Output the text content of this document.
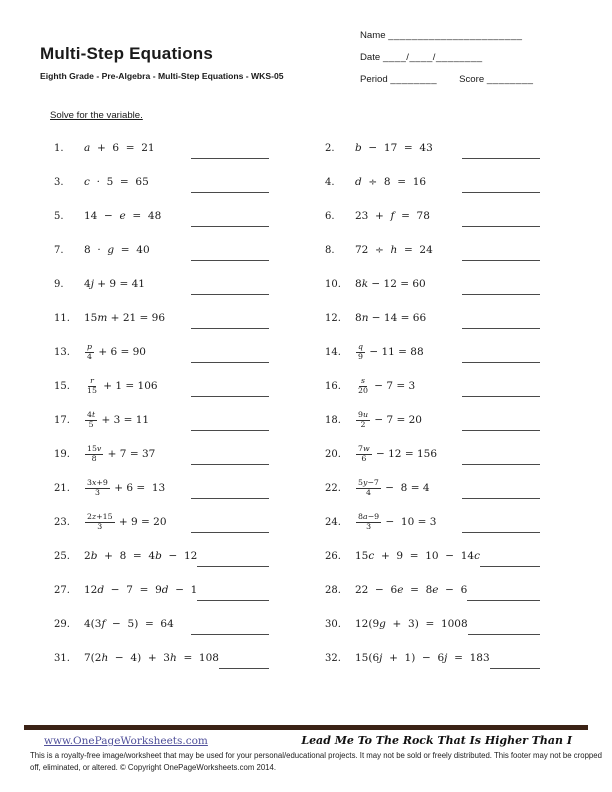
Multi-Step Equations
Eighth Grade - Pre-Algebra - Multi-Step Equations - WKS-05
Name _______________________
Date ____/____/________
Period ________ Score ________
Solve for the variable.
1.	a  +  6  =  21	2.	b  −  17  =  43
3.	c  ·  5  =  65	4.	d  ÷  8  =  16
5.	14  −  e  =  48	6.	23  +  f  =  78
7.	8  ·  g  =  40	8.	72  ÷  h  =  24
9.	4j + 9 = 41	10.	8k − 12 = 60
11.	15m + 21 = 96	12.	8n − 14 = 66
13.	$\frac{p}{4} + 6 = 90$	14.	$\frac{q}{9} - 11 = 88$
15.	$\frac{r}{15} + 1 = 106$	16.	$\frac{s}{20} - 7 = 3$
17.	$\frac{4t}{5} + 3 = 11$	18.	$\frac{9u}{2} - 7 = 20$
19.	$\frac{15v}{8} + 7 = 37$	20.	$\frac{7w}{6} - 12 = 156$
21.	$\frac{3x+9}{3} + 6 = 13$	22.	$\frac{5y-7}{4} - 8 = 4$
23.	$\frac{2z+15}{3} + 9 = 20$	24.	$\frac{8a-9}{3} - 10 = 3$
25.	2b  +  8  =  4b  −  12	26.	15c  +  9  =  10  −  14c
27.	12d  −  7  =  9d  −  1	28.	22  −  6e  =  8e  −  6
29.	4(3f  −  5)  =  64	30.	12(9g  +  3)  =  1008
31.	7(2h  −  4)  +  3h  =  108	32.	15(6j  +  1)  −  6j  =  183
www.OnePageWorksheets.com	Lead Me To The Rock That Is Higher Than I

This is a royalty-free image/worksheet that may be used for your personal/educational projects. It may not be sold or freely distributed. This footer may not be cropped off, eliminated, or altered. © Copyright OnePageWorksheets.com 2014.
